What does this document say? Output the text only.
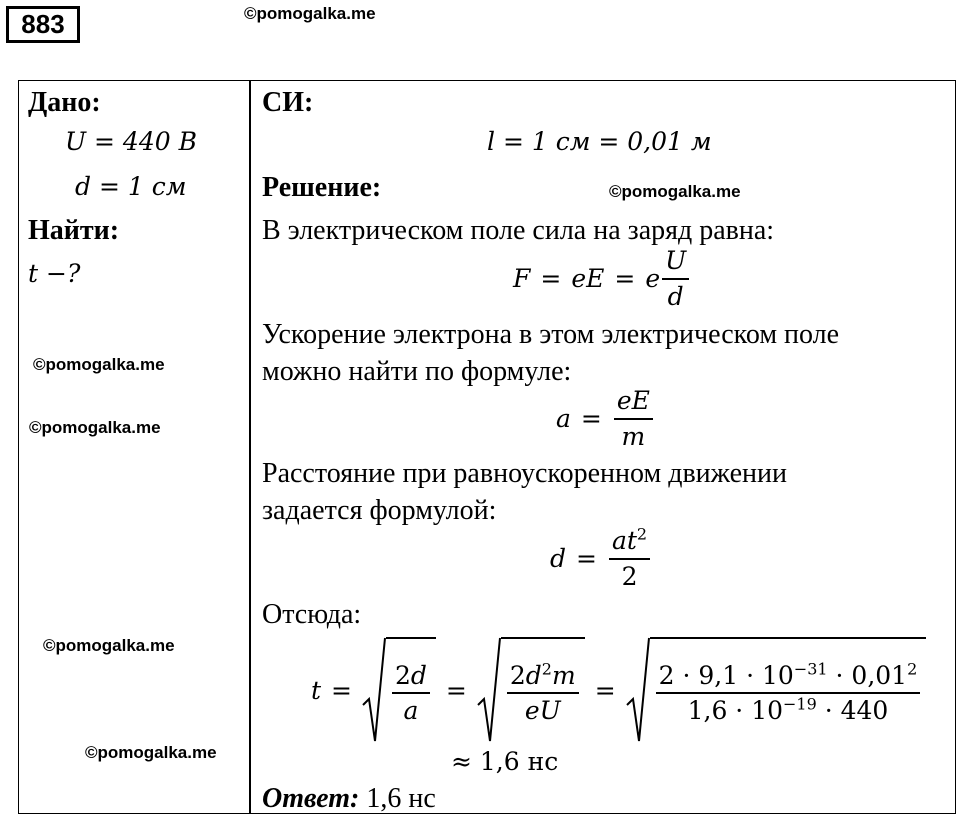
883	©pomogalka.me
Дано:
U = 440 В
d = 1 см
Найти:
t −?
©pomogalka.me
©pomogalka.me
©pomogalka.me
©pomogalka.me
СИ:
l = 1 см = 0,01 м
Решение:	©pomogalka.me
В электрическом поле сила на заряд равна:
F = eE = e $\frac{U}{d}$
Ускорение электрона в этом электрическом поле
можно найти по формуле:
$a = \frac{eE}{m}$
Расстояние при равноускоренном движении
задается формулой:
$d = \frac{at^2}{2}$
Отсюда:
$t = \frac{2d}{a} = \frac{2d^2m}{eU} = \frac{2 \cdot 9,1 \cdot 10^{-31} \cdot 0,01^2}{1,6 \cdot 10^{-19} \cdot 440}$
≈ 1,6 нс
Ответ: 1,6 нс
